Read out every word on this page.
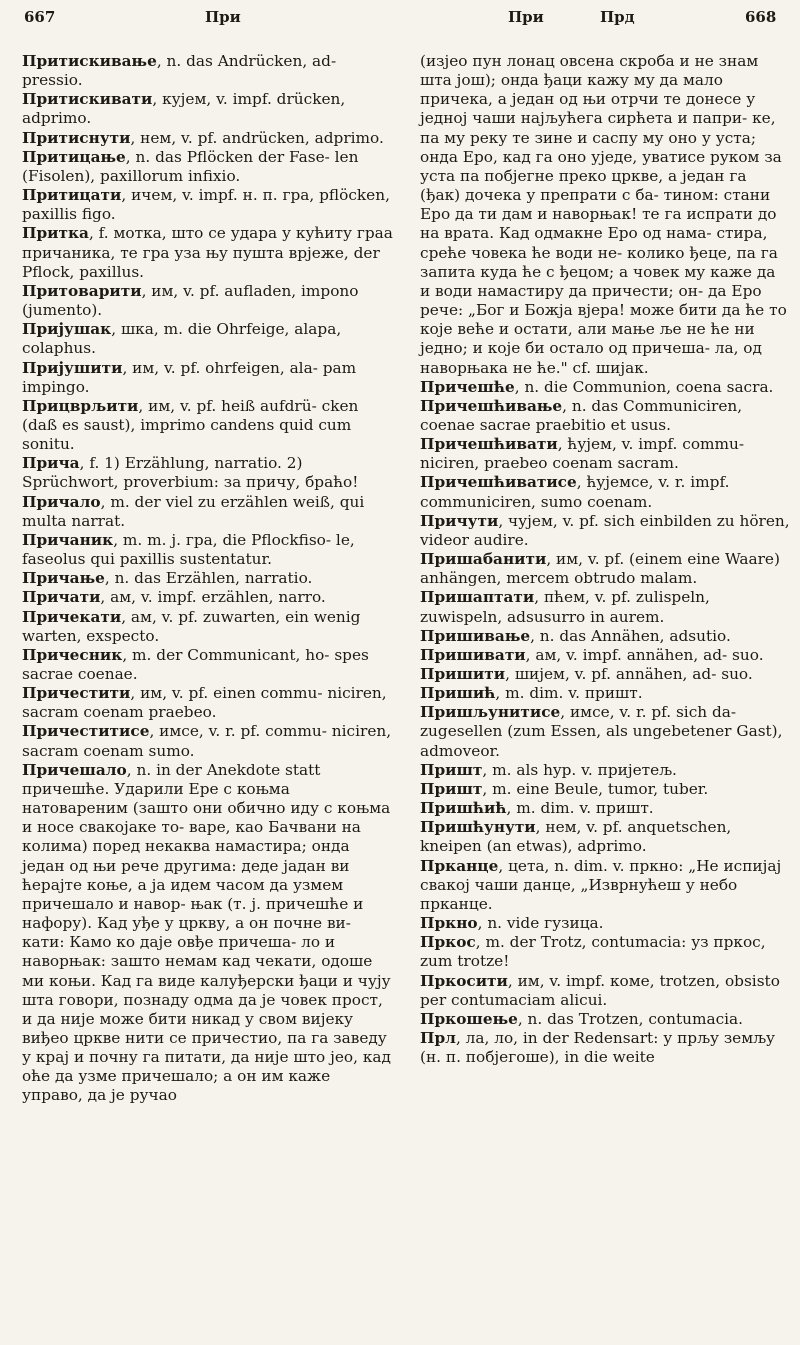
667	При	При	Прд	668

Притискивање, n. das Andrücken, ad- pressio.

Притискивати, кујем, v. impf. drücken, adprimo.

Притиснути, нем, v. pf. andrücken, adprimo.

Притицање, n. das Pflöcken der Fase- len (Fisolen), paxillorum infixio.

Притицати, ичем, v. impf. н. п. гра, pflöcken, paxillis figo.

Притка, f. мотка, што се удара у кућиту граа причаника, те гра уза њу пушта врјеже, der Pflock, paxillus.

Притоварити, им, v. pf. aufladen, impono (jumento).

Пријушак, шка, m. die Ohrfeige, alapa, colaphus.

Пријушити, им, v. pf. ohrfeigen, ala- pam impingo.

Прицврљити, им, v. pf. heiß aufdrü- cken (daß es saust), imprimo candens quid cum sonitu.

Прича, f. 1) Erzählung, narratio. 2) Sprüchwort, proverbium: за причу, браћо!

Причало, m. der viel zu erzählen weiß, qui multa narrat.

Причаник, m. m. j. гра, die Pflockfiso- le, faseolus qui paxillis sustentatur.

Причање, n. das Erzählen, narratio.

Причати, ам, v. impf. erzählen, narro.

Причекати, ам, v. pf. zuwarten, ein wenig warten, exspecto.

Причесник, m. der Communicant, ho- spes sacrae coenae.

Причестити, им, v. pf. einen commu- niciren, sacram coenam praebeo.

Причеститисе, имсе, v. r. pf. commu- niciren, sacram coenam sumo.

Причешало, n. in der Anekdote statt причешће. Ударили Ере с коњма натовареним (зашто они обично иду с коњма и носе свакојаке то- варе, као Бачвани на колима) поред некаква намастира; онда један од њи рече другима: деде јадан ви ћерајте коње, а ја идем часом да узмем причешало и навор- њак (т. ј. причешће и нафору). Кад уђе у цркву, а он почне ви- кати: Камо ко даје овђе причеша- ло и наворњак: зашто немам кад чекати, одоше ми коњи. Кад га виде калуђерски ђаци и чују шта говори, познаду одма да је човек прост, и да није може бити никад у свом вијеку виђео цркве нити се причестио, па га заведу у крај и почну га питати, да није што јео, кад оће да узме причешало; а он им каже управо, да је ручао

(изјео пун лонац овсена скроба и не знам шта још); онда ђаци кажу му да мало причека, а један од њи отрчи те донесе у једној чаши најљућега сирћета и папри- ке, па му реку те зине и саспу му оно у уста; онда Еро, кад га оно уједе, уватисе руком за уста па побјегне преко цркве, а један га (ђак) дочека у препрати с ба- тином: стани Еро да ти дам и наворњак! те га испрати до на врата. Кад одмакне Еро од нама- стира, среће човека ће води не- колико ђеце, па га запита куда ће с ђецом; а човек му каже да и води намастиру да причести; он- да Еро рече: „Бог и Божја вјера! може бити да ће то које веће и остати, али мање ље не ће ни једно; и које би остало од причеша- ла, од наворњака не ће." cf. шијак.

Причешће, n. die Communion, coena sacra.

Причешћивање, n. das Communiciren, coenae sacrae praebitio et usus.

Причешћивати, ћујем, v. impf. commu- niciren, praebeo coenam sacram.

Причешћиватисе, ћујемсе, v. r. impf. communiciren, sumo coenam.

Причути, чујем, v. pf. sich einbilden zu hören, videor audire.

Пришабанити, им, v. pf. (einem eine Waare) anhängen, mercem obtrudo malam.

Пришаптати, пћем, v. pf. zulispeln, zuwispeln, adsusurro in aurem.

Пришивање, n. das Annähen, adsutio.

Пришивати, ам, v. impf. annähen, ad- suo.

Пришити, шијем, v. pf. annähen, ad- suo.

Пришић, m. dim. v. пришт.

Пришљунитисе, имсе, v. r. pf. sich da- zugesellen (zum Essen, als ungebetener Gast), admoveor.

Пришт, m. als hyp. v. пријетељ.

Пришт, m. eine Beule, tumor, tuber.

Пришћић, m. dim. v. пришт.

Пришћунути, нем, v. pf. anquetschen, kneipen (an etwas), adprimo.

Прканце, цета, n. dim. v. пркно: „Не испијај свакој чаши данце, „Изврнућеш у небо прканце.

Пркно, n. vide гузица.

Пркос, m. der Trotz, contumacia: уз пркос, zum trotze!

Пркосити, им, v. impf. коме, trotzen, obsisto per contumaciam alicui.

Пркошење, n. das Trotzen, contumacia.

Прл, ла, ло, in der Redensart: у прљу земљу (н. п. побјегоше), in die weite
